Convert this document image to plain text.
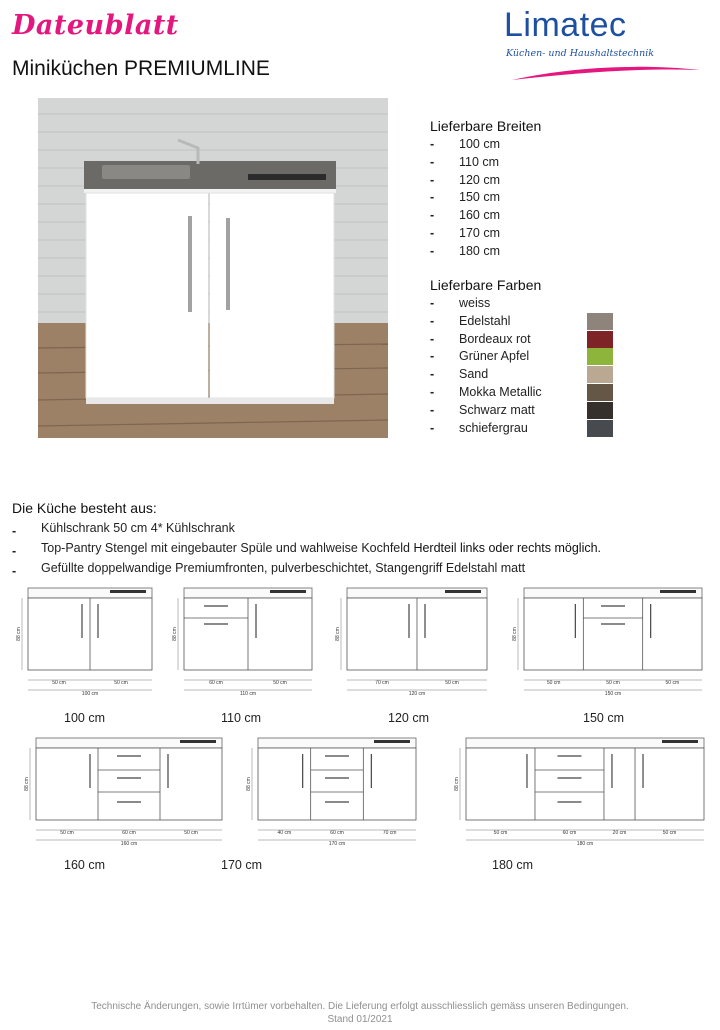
Dateublatt
Miniküchen PREMIUMLINE
Limatec
Küchen- und Haushaltstechnik
Lieferbare Breiten
- 100 cm
- 110 cm
- 120 cm
- 150 cm
- 160 cm
- 170 cm
- 180 cm
Lieferbare Farben
- weiss
- Edelstahl
- Bordeaux rot
- Grüner Apfel
- Sand
- Mokka Metallic
- Schwarz matt
- schiefergrau
Die Küche besteht aus:
- Kühlschrank 50 cm 4* Kühlschrank
- Top-Pantry Stengel mit eingebauter Spüle und wahlweise Kochfeld Herdteil links oder rechts möglich.
- Gefüllte doppelwandige Premiumfronten, pulverbeschichtet, Stangengriff Edelstahl matt
50 cm	50 cm
100 cm
88 cm
100 cm
60 cm	50 cm
110 cm
88 cm
110 cm
70 cm	50 cm
120 cm
88 cm
120 cm
50 cm	50 cm	50 cm
150 cm
88 cm
150 cm
50 cm	60 cm	50 cm
160 cm
88 cm
160 cm
40 cm	60 cm	70 cm
170 cm
88 cm
170 cm
50 cm	60 cm	20 cm	50 cm
180 cm
88 cm
180 cm
Technische Änderungen, sowie Irrtümer vorbehalten. Die Lieferung erfolgt ausschliesslich gemäss unseren Bedingungen.
Stand 01/2021
